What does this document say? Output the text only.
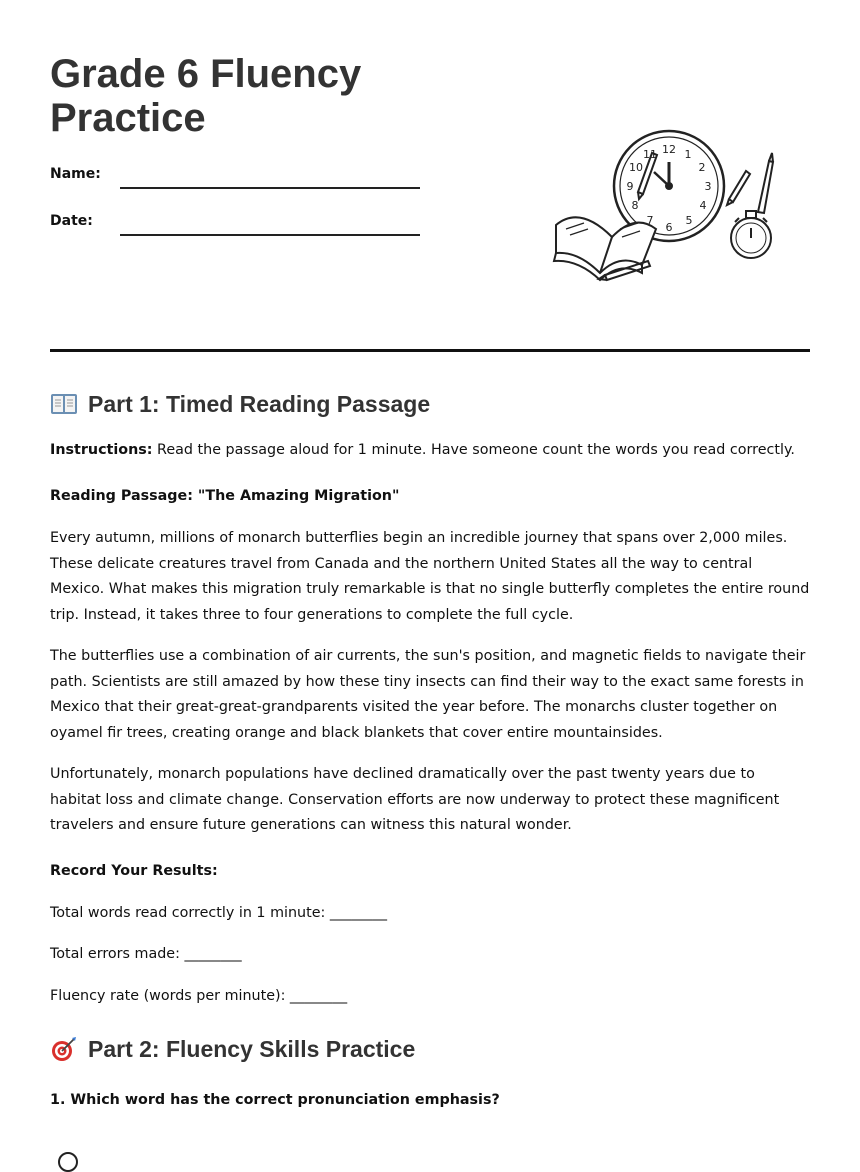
Grade 6 Fluency Practice
Name:
Date:
12 1
2
3
4
5
6
7
8
9
10
11
Part 1: Timed Reading Passage

Instructions: Read the passage aloud for 1 minute. Have someone count the words you read correctly.

Reading Passage: "The Amazing Migration"

Every autumn, millions of monarch butterflies begin an incredible journey that spans over 2,000 miles. These delicate creatures travel from Canada and the northern United States all the way to central Mexico. What makes this migration truly remarkable is that no single butterfly completes the entire round trip. Instead, it takes three to four generations to complete the full cycle.

The butterflies use a combination of air currents, the sun's position, and magnetic fields to navigate their path. Scientists are still amazed by how these tiny insects can find their way to the exact same forests in Mexico that their great-great-grandparents visited the year before. The monarchs cluster together on oyamel fir trees, creating orange and black blankets that cover entire mountainsides.

Unfortunately, monarch populations have declined dramatically over the past twenty years due to habitat loss and climate change. Conservation efforts are now underway to protect these magnificent travelers and ensure future generations can witness this natural wonder.

Record Your Results:

Total words read correctly in 1 minute: ________

Total errors made: ________

Fluency rate (words per minute): ________

Part 2: Fluency Skills Practice

1. Which word has the correct pronunciation emphasis?
